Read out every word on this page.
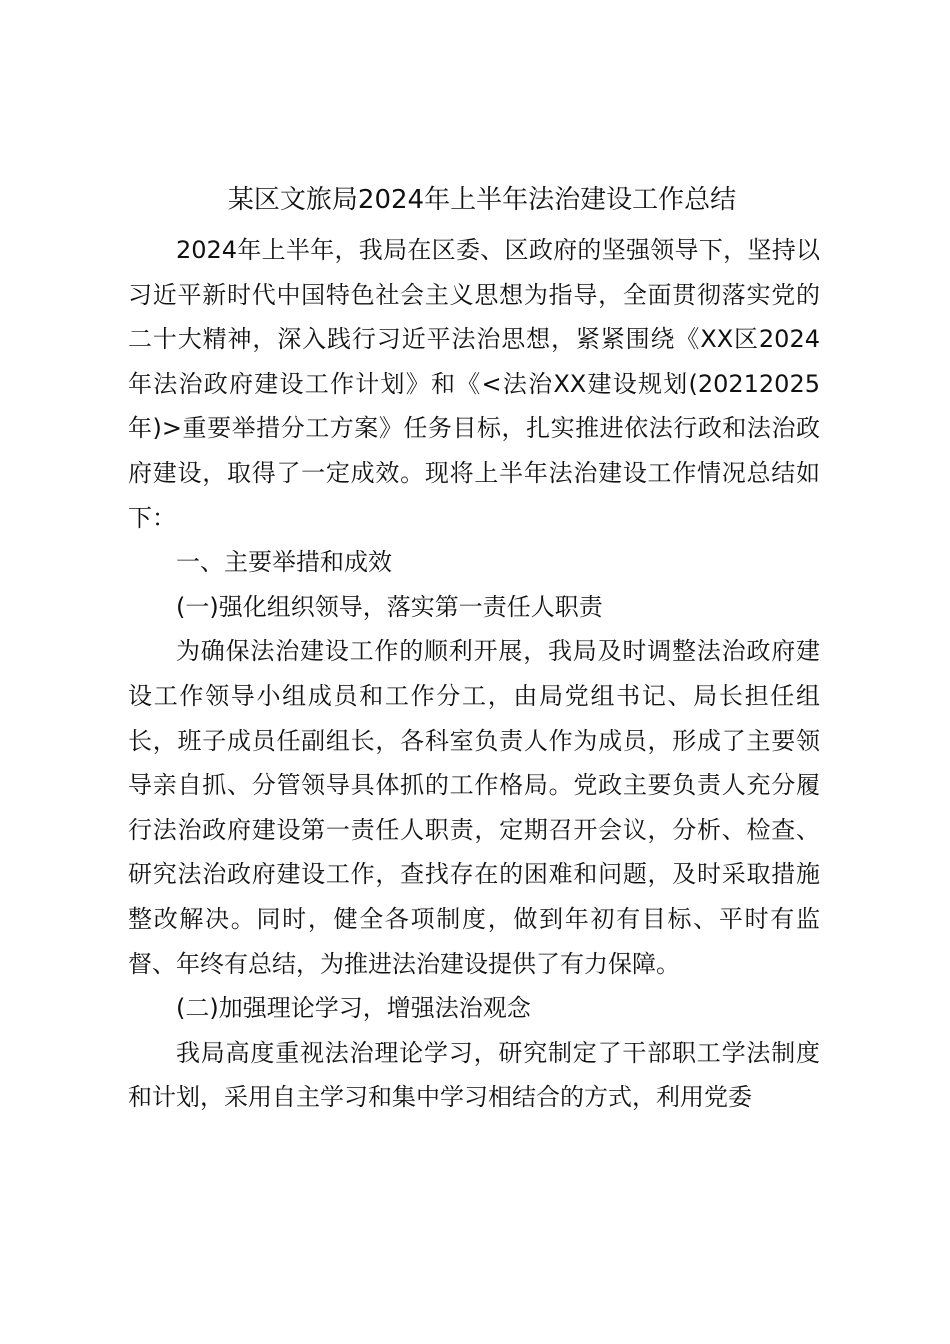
某区文旅局2024年上半年法治建设工作总结

2024年上半年，我局在区委、区政府的坚强领导下，坚持以习近平新时代中国特色社会主义思想为指导，全面贯彻落实党的二十大精神，深入践行习近平法治思想，紧紧围绕《XX区2024年法治政府建设工作计划》和《<法治XX建设规划(20212025年)>重要举措分工方案》任务目标，扎实推进依法行政和法治政府建设，取得了一定成效。现将上半年法治建设工作情况总结如下：

一、主要举措和成效

(一)强化组织领导，落实第一责任人职责

为确保法治建设工作的顺利开展，我局及时调整法治政府建设工作领导小组成员和工作分工，由局党组书记、局长担任组长，班子成员任副组长，各科室负责人作为成员，形成了主要领导亲自抓、分管领导具体抓的工作格局。党政主要负责人充分履行法治政府建设第一责任人职责，定期召开会议，分析、检查、研究法治政府建设工作，查找存在的困难和问题，及时采取措施整改解决。同时，健全各项制度，做到年初有目标、平时有监督、年终有总结，为推进法治建设提供了有力保障。

(二)加强理论学习，增强法治观念

我局高度重视法治理论学习，研究制定了干部职工学法制度和计划，采用自主学习和集中学习相结合的方式，利用党委
